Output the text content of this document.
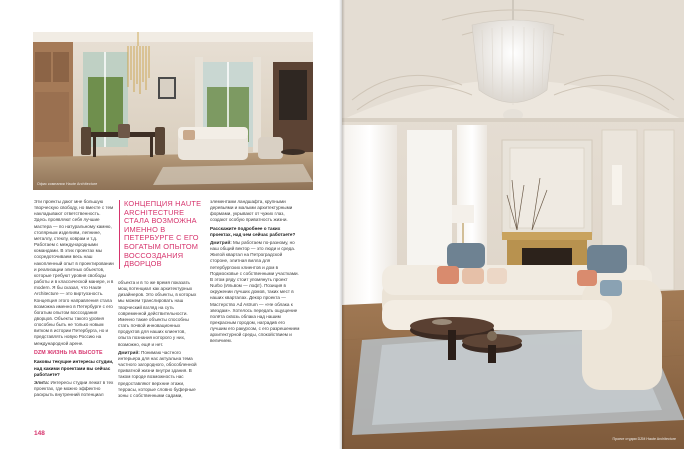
Офис компании Haute Architecture

Эти проекты дают мне большую творческую свободу, но вместе с тем накладывают ответственность. Здесь проявляют себя лучшие мастера — по натуральному камню, столярным изделиям, лепнине, металлу, стеклу, коврам и т.д. Работаем с международными командами. В этих проектах мы сосредоточиваем весь наш накопленный опыт в проектировании и реализации элитных объектов, которые требуют уровня свободы работы и в классической манере, и в modern. Я бы сказал, что Haute Architecture — это виртуозность. Концепция этого направления стала возможна именно в Петербурге с его богатым опытом воссоздания дворцов. Объекты такого уровня способны быть не только новым витком в истории Петербурга, но и представлять новую Россию на международной арене.

DZM ЖИЗНЬ НА ВЫСОТЕ

Каковы текущие интересы студии, над какими проектами вы сейчас работаете?

Элита: Интересы студии лежат в тех проектах, где можно эффектно раскрыть внутренний потенциал

КОНЦЕПЦИЯ HAUTE ARCHITECTURE СТАЛА ВОЗМОЖНА ИМЕННО В ПЕТЕРБУРГЕ С ЕГО БОГАТЫМ ОПЫТОМ ВОССОЗДАНИЯ ДВОРЦОВ

объекта и в то же время показать мощ потенциал как архитектурных дизайнеров. Это объекты, в которых мы можем транслировать наш творческий взгляд на суть современной действительности. Именно такие объекты способны стать почвой инновационных продуктов для наших клиентов, опыта познания которого у них, возможно, ещё и нет.

Дмитрий: Понимаю частного интерьера для нас актуальна тема частного загородного, обособленной приватной жизни внутри здания. В таком городе возможность нас предоставляют верхние этажи, террасы, которые словно буферные зоны с собственными садами,

элементами ландшафта, крупными деревьями и малыми архитектурными формами, укрывают от чужих глаз, создают особую приватность жизни.

Расскажите подробнее о таких проектах, над чем сейчас работаете?

Дмитрий: Мы работаем по-разному, но наш общий вектор — это люди и среда. Жилой квартал на Петроградской стороне, элитная вилла для петербургских клиентов и дом в Подмосковье с собственными участками. В этом ряду стоит упомянуть проект Nurbo (Ильвом — лофт). Позиция в окружении лучших домов, таких мест в наших кварталах. Декор проекта — Мастерство Ad Astrum — «Не облака к звездам». Хотелось передать ощущение полёта сквозь облака над нашим прекрасным городом, наградив его лучшим его ракурсом, с его разрешением архитектурной среды, спокойствием и величием.

148
Проект студии DZM Haute Architecture
